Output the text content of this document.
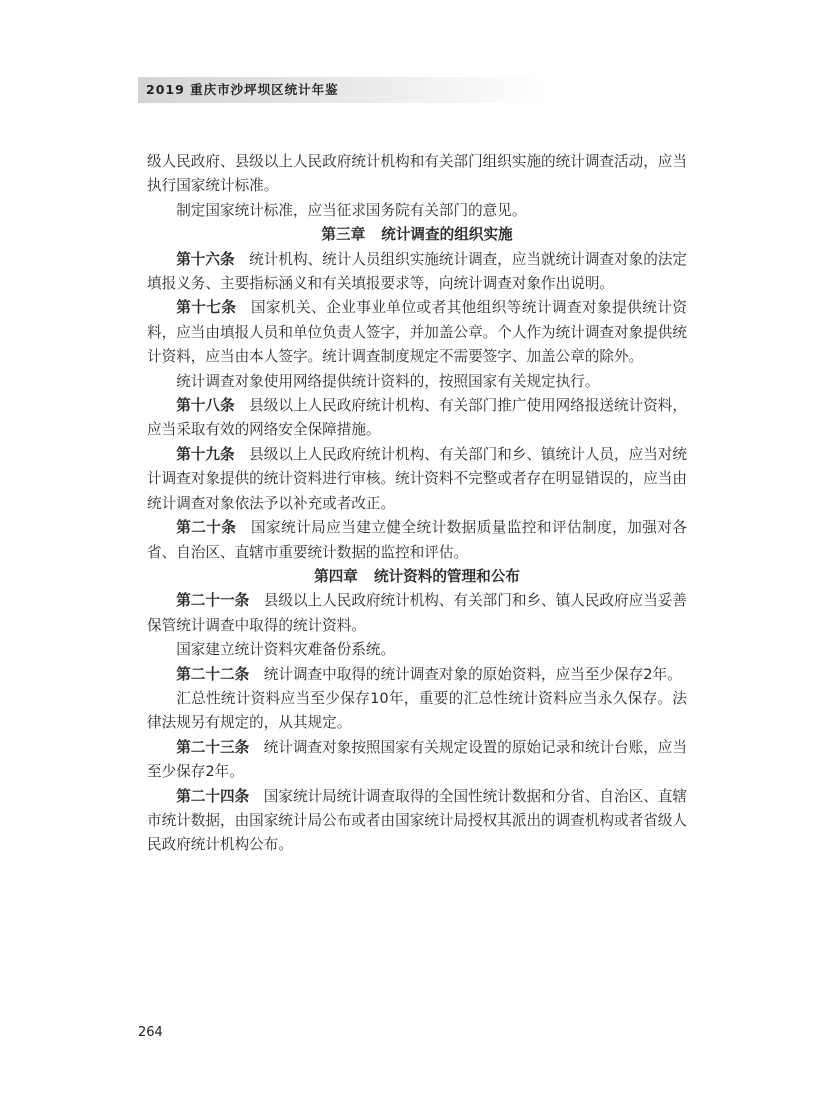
2019 重庆市沙坪坝区统计年鉴

级人民政府、县级以上人民政府统计机构和有关部门组织实施的统计调查活动，应当执行国家统计标准。

制定国家统计标准，应当征求国务院有关部门的意见。

第三章 统计调查的组织实施

第十六条 统计机构、统计人员组织实施统计调查，应当就统计调查对象的法定填报义务、主要指标涵义和有关填报要求等，向统计调查对象作出说明。

第十七条 国家机关、企业事业单位或者其他组织等统计调查对象提供统计资料，应当由填报人员和单位负责人签字，并加盖公章。个人作为统计调查对象提供统计资料，应当由本人签字。统计调查制度规定不需要签字、加盖公章的除外。

统计调查对象使用网络提供统计资料的，按照国家有关规定执行。

第十八条 县级以上人民政府统计机构、有关部门推广使用网络报送统计资料，应当采取有效的网络安全保障措施。

第十九条 县级以上人民政府统计机构、有关部门和乡、镇统计人员，应当对统计调查对象提供的统计资料进行审核。统计资料不完整或者存在明显错误的，应当由统计调查对象依法予以补充或者改正。

第二十条 国家统计局应当建立健全统计数据质量监控和评估制度，加强对各省、自治区、直辖市重要统计数据的监控和评估。

第四章 统计资料的管理和公布

第二十一条 县级以上人民政府统计机构、有关部门和乡、镇人民政府应当妥善保管统计调查中取得的统计资料。

国家建立统计资料灾难备份系统。

第二十二条 统计调查中取得的统计调查对象的原始资料，应当至少保存2年。

汇总性统计资料应当至少保存10年，重要的汇总性统计资料应当永久保存。法律法规另有规定的，从其规定。

第二十三条 统计调查对象按照国家有关规定设置的原始记录和统计台账，应当至少保存2年。

第二十四条 国家统计局统计调查取得的全国性统计数据和分省、自治区、直辖市统计数据，由国家统计局公布或者由国家统计局授权其派出的调查机构或者省级人民政府统计机构公布。

264
